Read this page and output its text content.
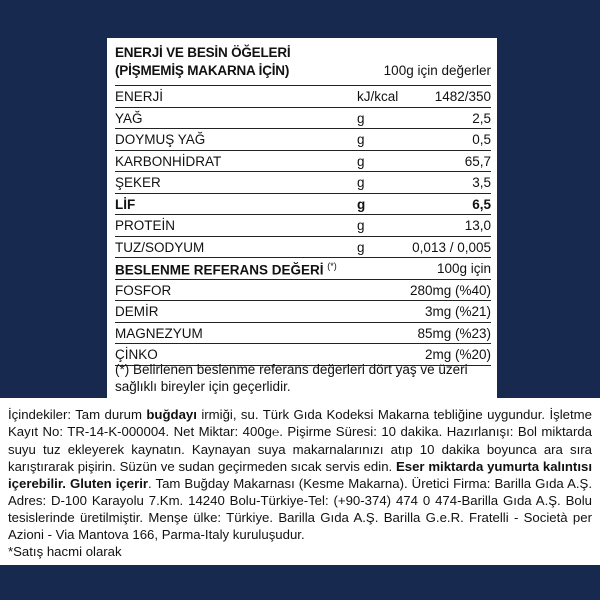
ENERJİ VE BESİN ÖĞELERİ
(PİŞMEMİŞ MAKARNA İÇİN)	100g için değerler
ENERJİ	kJ/kcal	1482/350
YAĞ	g	2,5
DOYMUŞ YAĞ	g	0,5
KARBONHİDRAT	g	65,7
ŞEKER	g	3,5
LİF	g	6,5
PROTEİN	g	13,0
TUZ/SODYUM	g	0,013 / 0,005
BESLENME REFERANS DEĞERİ (*)	100g için
FOSFOR	280mg (%40)
DEMİR	3mg (%21)
MAGNEZYUM	85mg (%23)
ÇİNKO	2mg (%20)
(*) Belirlenen beslenme referans değerleri dört yaş ve üzeri sağlıklı bireyler için geçerlidir.

İçindekiler: Tam durum buğdayı irmiği, su. Türk Gıda Kodeksi Makarna tebliğine uygundur. İşletme Kayıt No: TR-14-K-000004. Net Miktar: 400g℮. Pişirme Süresi: 10 dakika. Hazırlanışı: Bol miktarda suyu tuz ekleyerek kaynatın. Kaynayan suya makarnalarınızı atıp 10 dakika boyunca ara sıra karıştırarak pişirin. Süzün ve sudan geçirmeden sıcak servis edin. Eser miktarda yumurta kalıntısı içerebilir. Gluten içerir. Tam Buğday Makarnası (Kesme Makarna). Üretici Firma: Barilla Gıda A.Ş. Adres: D-100 Karayolu 7.Km. 14240 Bolu-Türkiye-Tel: (+90-374) 474 0 474-Barilla Gıda A.Ş. Bolu tesislerinde üretilmiştir. Menşe ülke: Türkiye. Barilla Gıda A.Ş. Barilla G.e.R. Fratelli - Società per Azioni - Via Mantova 166, Parma-Italy kuruluşudur.

*Satış hacmi olarak
